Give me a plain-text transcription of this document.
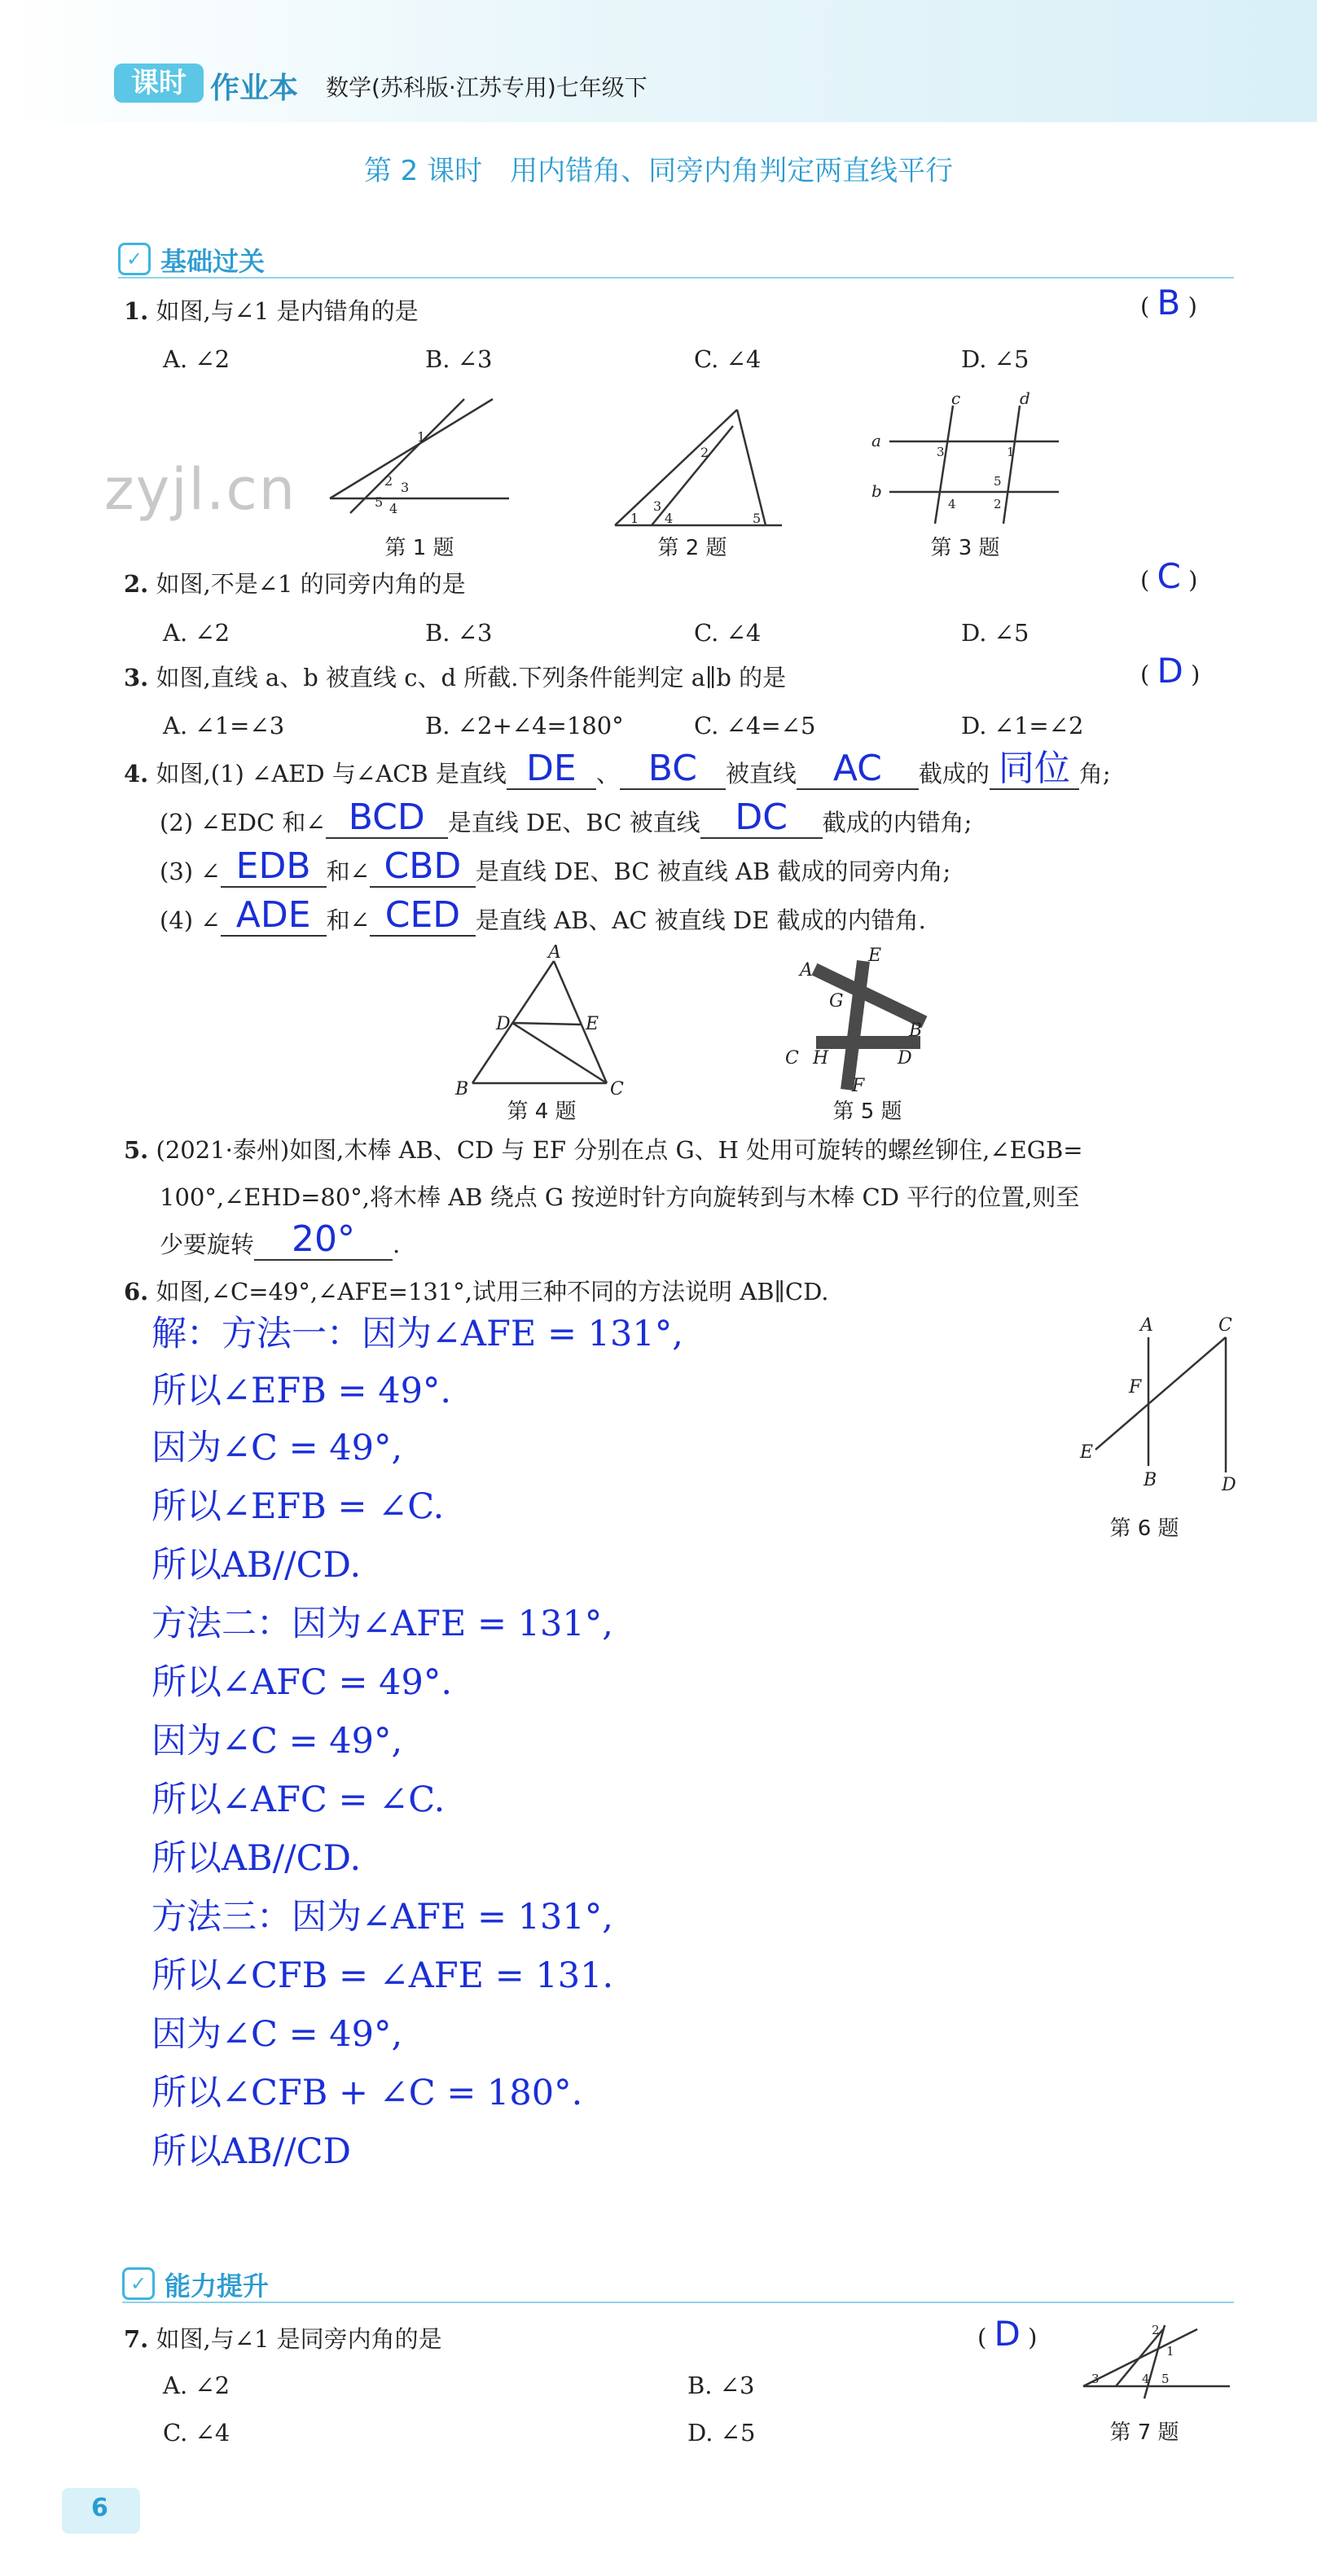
课时 作业本 数学(苏科版·江苏专用)七年级下
第 2 课时　用内错角、同旁内角判定两直线平行
zyjl.cn
✓ 基础过关
1. 如图,与∠1 是内错角的是	( B )
A. ∠2	B. ∠3	C. ∠4	D. ∠5
1
2 3
4
5
第 1 题
1
2
3
4	5
第 2 题
a
b
c	d
1
2
3
4
5
第 3 题
2. 如图,不是∠1 的同旁内角的是	( C )
A. ∠2	B. ∠3	C. ∠4	D. ∠5
3. 如图,直线 a、b 被直线 c、d 所截.下列条件能判定 a∥b 的是	( D )
A. ∠1=∠3	B. ∠2+∠4=180°	C. ∠4=∠5	D. ∠1=∠2
4. 如图,(1) ∠AED 与∠ACB 是直线 DE 、 BC	被直线	AC	截成的 同位 角;
(2) ∠EDC 和∠ BCD 是直线 DE、BC 被直线 DC	截成的内错角;
(3) ∠ EDB 和∠ CBD 是直线 DE、BC 被直线 AB 截成的同旁内角;
(4) ∠ ADE 和∠ CED 是直线 AB、AC 被直线 DE 截成的内错角.
A
D	E
B	C
第 4 题
E
A
G
B
C H	D
F
第 5 题
5. (2021·泰州)如图,木棒 AB、CD 与 EF 分别在点 G、H 处用可旋转的螺丝铆住,∠EGB=
100°,∠EHD=80°,将木棒 AB 绕点 G 按逆时针方向旋转到与木棒 CD 平行的位置,则至
少要旋转	20°	.
6. 如图,∠C=49°,∠AFE=131°,试用三种不同的方法说明 AB∥CD.
A	C
F
E
B	D
第 6 题
解：方法一：因为∠AFE = 131°,
所以∠EFB = 49°.
因为∠C = 49°,
所以∠EFB = ∠C.
所以AB//CD.
方法二：因为∠AFE = 131°,
所以∠AFC = 49°.
因为∠C = 49°,
所以∠AFC = ∠C.
所以AB//CD.
方法三：因为∠AFE = 131°,
所以∠CFB = ∠AFE = 131.
因为∠C = 49°,
所以∠CFB + ∠C = 180°.
所以AB//CD
✓ 能力提升
7. 如图,与∠1 是同旁内角的是	( D )
A. ∠2	B. ∠3
C. ∠4	D. ∠5
2
1
3	4 5
第 7 题
6
